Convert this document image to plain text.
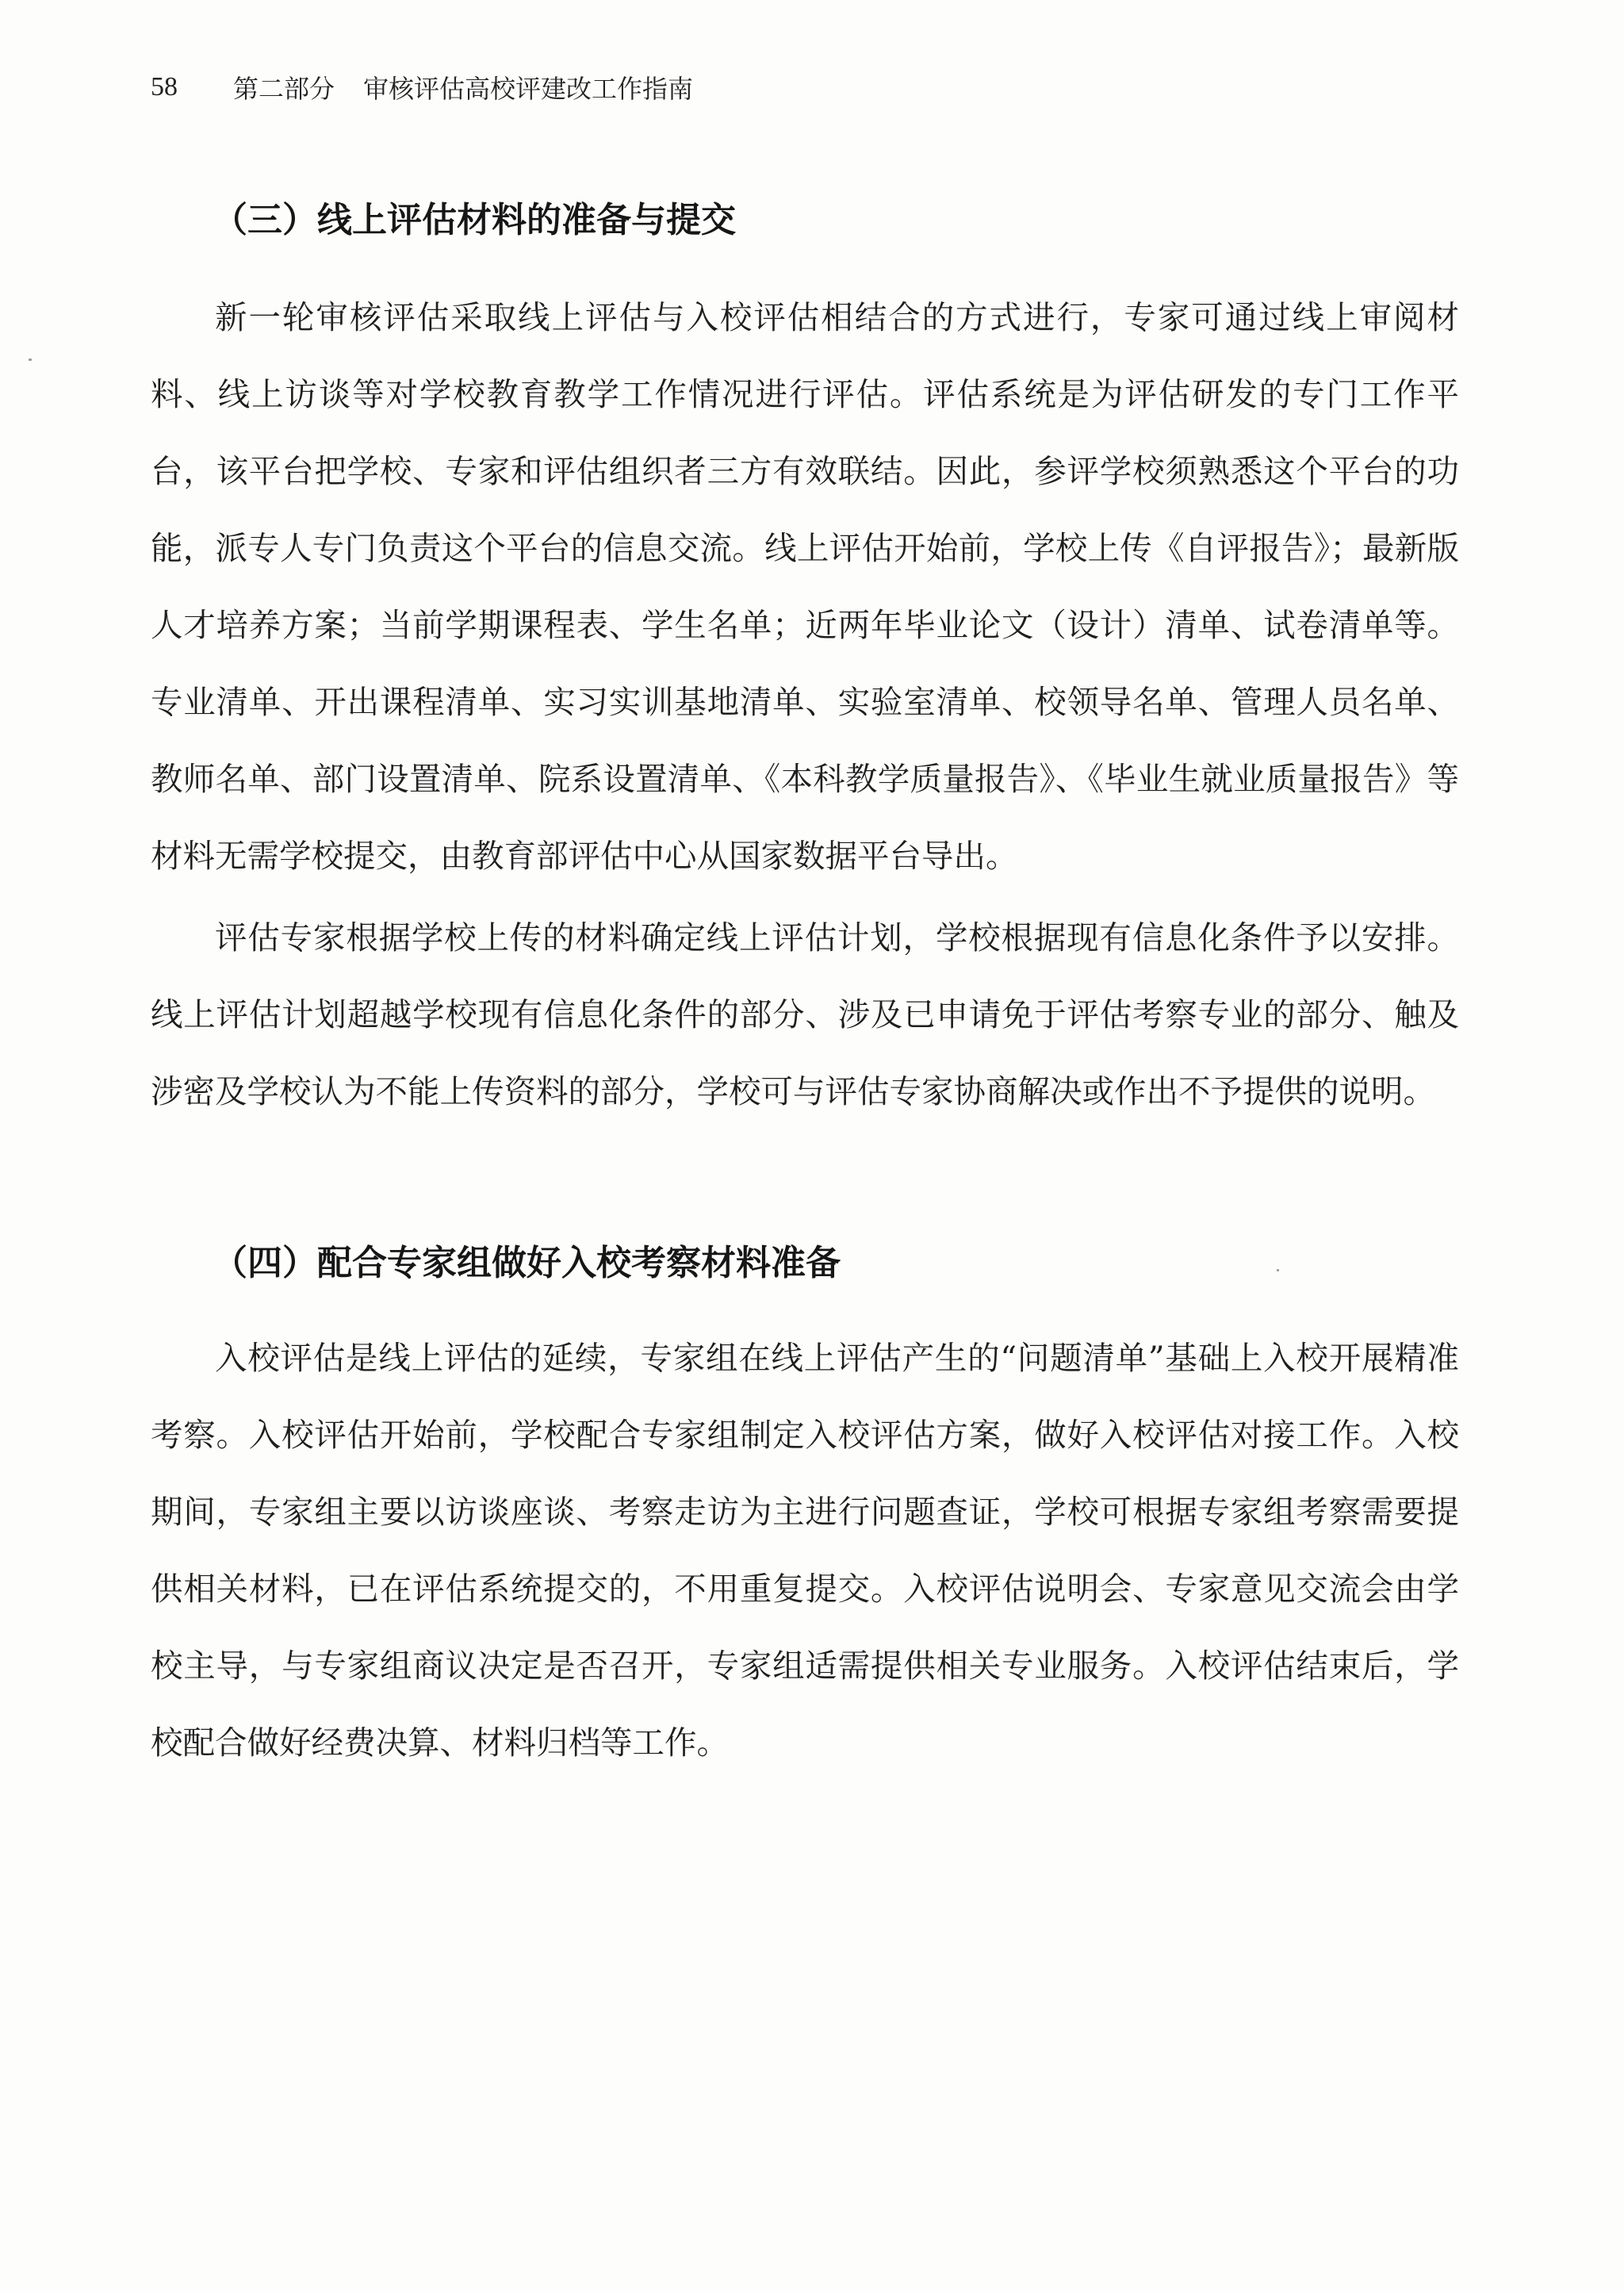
58 第二部分 审核评估高校评建改工作指南
（三）线上评估材料的准备与提交

新一轮审核评估采取线上评估与入校评估相结合的方式进行，专家可通过线上审阅材料、线上访谈等对学校教育教学工作情况进行评估。评估系统是为评估研发的专门工作平台，该平台把学校、专家和评估组织者三方有效联结。因此，参评学校须熟悉这个平台的功能，派专人专门负责这个平台的信息交流。线上评估开始前，学校上传《自评报告》；最新版人才培养方案；当前学期课程表、学生名单；近两年毕业论文（设计）清单、试卷清单等。专业清单、开出课程清单、实习实训基地清单、实验室清单、校领导名单、管理人员名单、教师名单、部门设置清单、院系设置清单、《本科教学质量报告》、《毕业生就业质量报告》等材料无需学校提交，由教育部评估中心从国家数据平台导出。

评估专家根据学校上传的材料确定线上评估计划，学校根据现有信息化条件予以安排。线上评估计划超越学校现有信息化条件的部分、涉及已申请免于评估考察专业的部分、触及涉密及学校认为不能上传资料的部分，学校可与评估专家协商解决或作出不予提供的说明。

（四）配合专家组做好入校考察材料准备

入校评估是线上评估的延续，专家组在线上评估产生的“问题清单”基础上入校开展精准考察。入校评估开始前，学校配合专家组制定入校评估方案，做好入校评估对接工作。入校期间，专家组主要以访谈座谈、考察走访为主进行问题查证，学校可根据专家组考察需要提供相关材料，已在评估系统提交的，不用重复提交。入校评估说明会、专家意见交流会由学校主导，与专家组商议决定是否召开，专家组适需提供相关专业服务。入校评估结束后，学校配合做好经费决算、材料归档等工作。
